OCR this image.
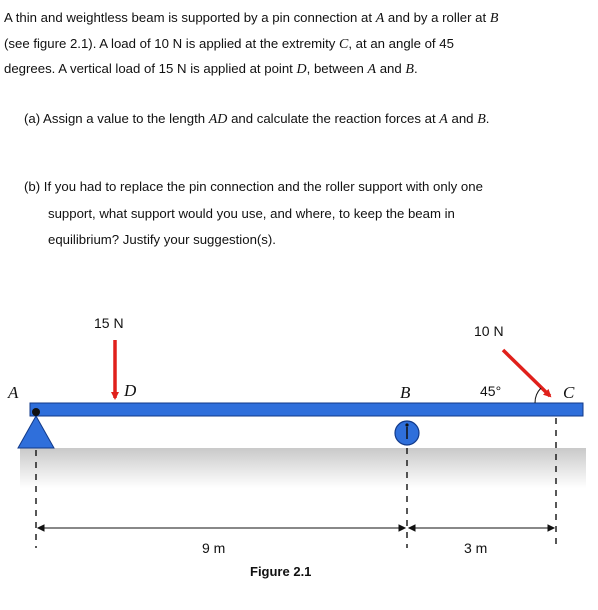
A thin and weightless beam is supported by a pin connection at A and by a roller at B
(see figure 2.1). A load of 10 N is applied at the extremity C, at an angle of 45
degrees. A vertical load of 15 N is applied at point D, between A and B.
(a) Assign a value to the length AD and calculate the reaction forces at A and B.
(b) If you had to replace the pin connection and the roller support with only one
support, what support would you use, and where, to keep the beam in
equilibrium? Justify your suggestion(s).
15 N	10 N
45°
A	D	B	C
9 m	3 m
Figure 2.1
